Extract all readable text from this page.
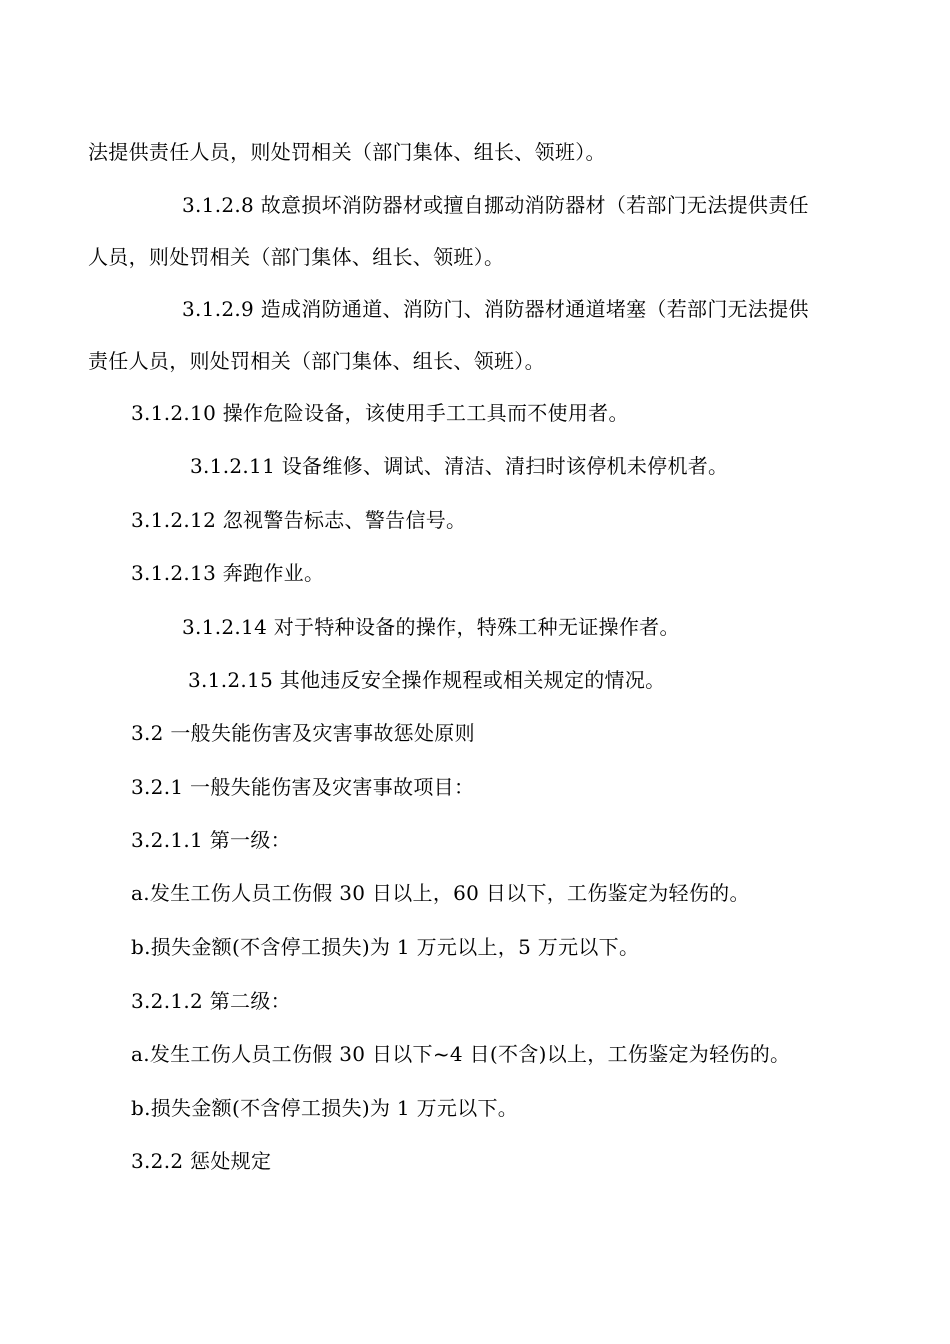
法提供责任人员，则处罚相关（部门集体、组长、领班）。
3.1.2.8 故意损坏消防器材或擅自挪动消防器材（若部门无法提供责任
人员，则处罚相关（部门集体、组长、领班）。
3.1.2.9 造成消防通道、消防门、消防器材通道堵塞（若部门无法提供
责任人员，则处罚相关（部门集体、组长、领班）。
3.1.2.10 操作危险设备，该使用手工工具而不使用者。
3.1.2.11 设备维修、调试、清洁、清扫时该停机未停机者。
3.1.2.12 忽视警告标志、警告信号。
3.1.2.13 奔跑作业。
3.1.2.14 对于特种设备的操作，特殊工种无证操作者。
3.1.2.15 其他违反安全操作规程或相关规定的情况。
3.2 一般失能伤害及灾害事故惩处原则
3.2.1 一般失能伤害及灾害事故项目：
3.2.1.1 第一级：
a.发生工伤人员工伤假 30 日以上，60 日以下，工伤鉴定为轻伤的。
b.损失金额(不含停工损失)为 1 万元以上，5 万元以下。
3.2.1.2 第二级：
a.发生工伤人员工伤假 30 日以下~4 日(不含)以上，工伤鉴定为轻伤的。
b.损失金额(不含停工损失)为 1 万元以下。
3.2.2 惩处规定
